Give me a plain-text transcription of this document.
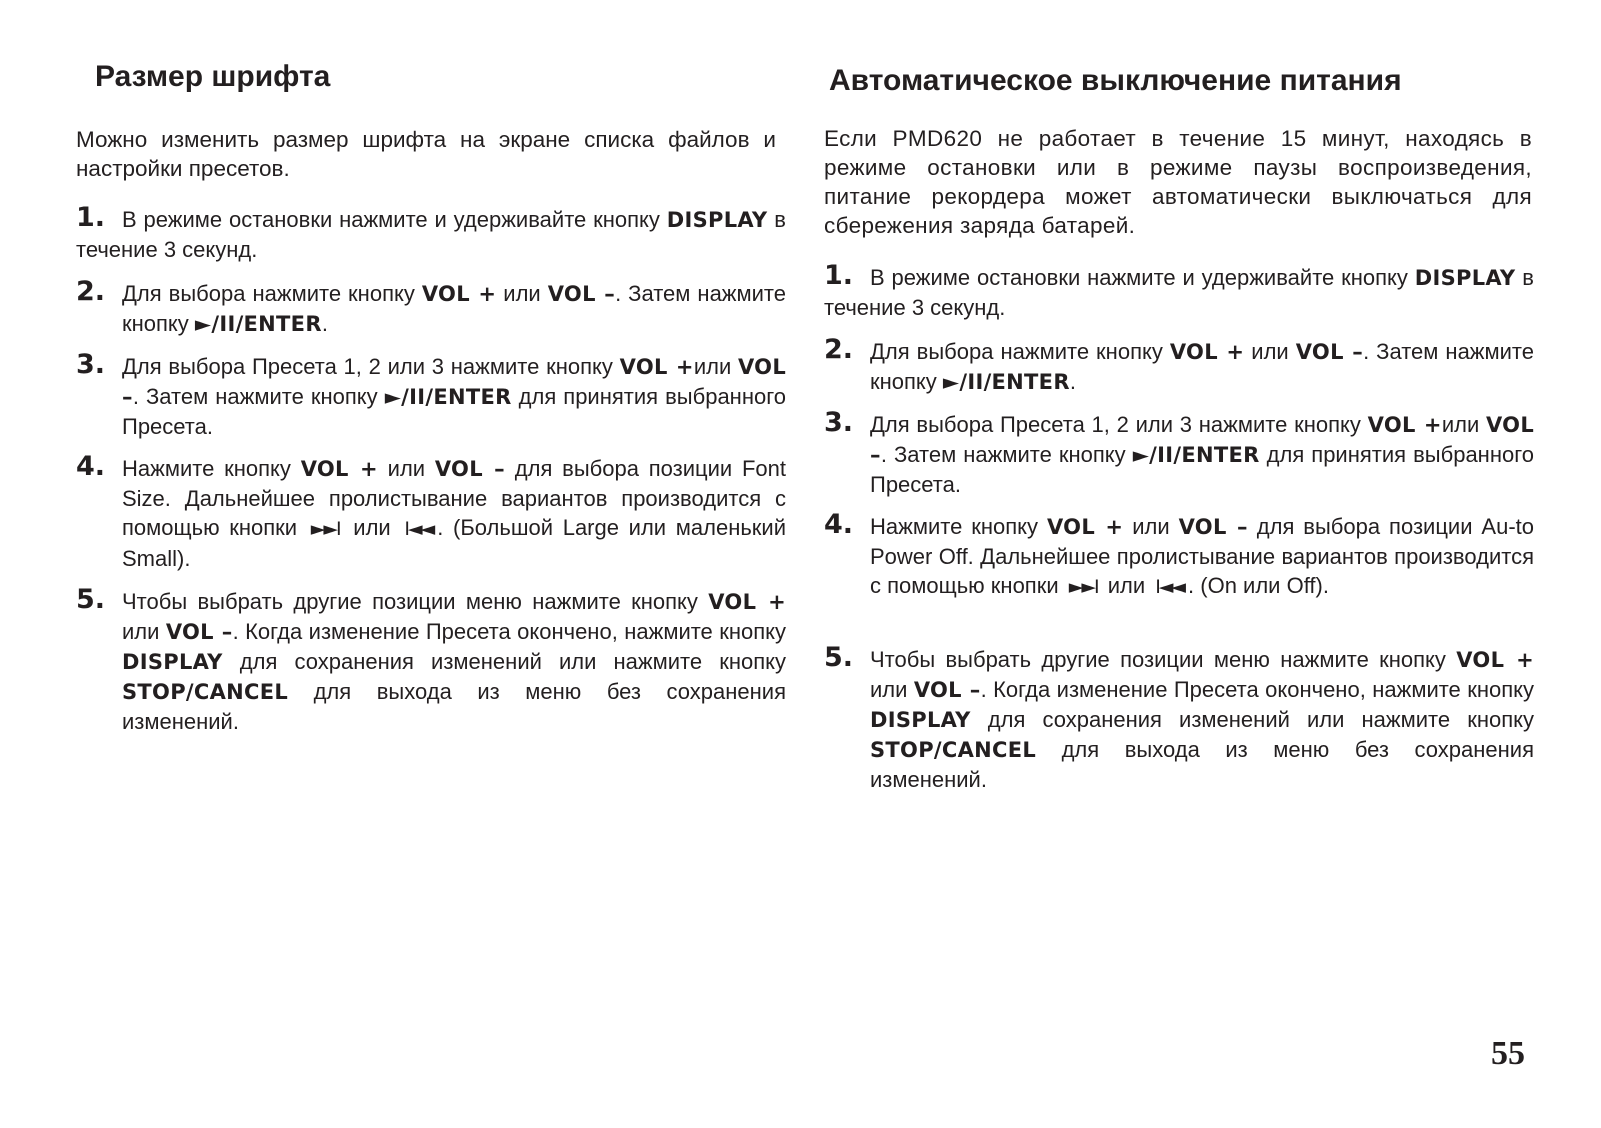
Размер шрифта

Можно изменить размер шрифта на экране списка файлов и настройки пресетов.

1. В режиме остановки нажмите и удерживайте кнопку DISPLAY в течение 3 секунд.
2. Для выбора нажмите кнопку VOL + или VOL –. Затем нажмите кнопку ►/II/ENTER.
3. Для выбора Пресета 1, 2 или 3 нажмите кнопку VOL +или VOL –. Затем нажмите кнопку ►/II/ENTER для принятия выбранного Пресета.
4. Нажмите кнопку VOL + или VOL – для выбора позиции Font Size. Дальнейшее пролистывание вариантов производится с помощью кнопки ►►I или I◄◄ . (Большой Large или маленький Small).
5. Чтобы выбрать другие позиции меню нажмите кнопку VOL + или VOL –. Когда изменение Пресета окончено, нажмите кнопку DISPLAY для сохранения изменений или нажмите кнопку STOP/CANCEL для выхода из меню без сохранения изменений.
Автоматическое выключение питания

Если PMD620 не работает в течение 15 минут, находясь в режиме остановки или в режиме паузы воспроизведения, питание рекордера может автоматически выключаться для сбережения заряда батарей.

1. В режиме остановки нажмите и удерживайте кнопку DISPLAY в течение 3 секунд.
2. Для выбора нажмите кнопку VOL + или VOL –. Затем нажмите кнопку ►/II/ENTER.
3. Для выбора Пресета 1, 2 или 3 нажмите кнопку VOL +или VOL –. Затем нажмите кнопку ►/II/ENTER для принятия выбранного Пресета.
4. Нажмите кнопку VOL + или VOL – для выбора позиции Au-to Power Off. Дальнейшее пролистывание вариантов производится с помощью кнопки ►►I или I◄◄ . (On или Off).
5. Чтобы выбрать другие позиции меню нажмите кнопку VOL + или VOL –. Когда изменение Пресета окончено, нажмите кнопку DISPLAY для сохранения изменений или нажмите кнопку STOP/CANCEL для выхода из меню без сохранения изменений.
55
